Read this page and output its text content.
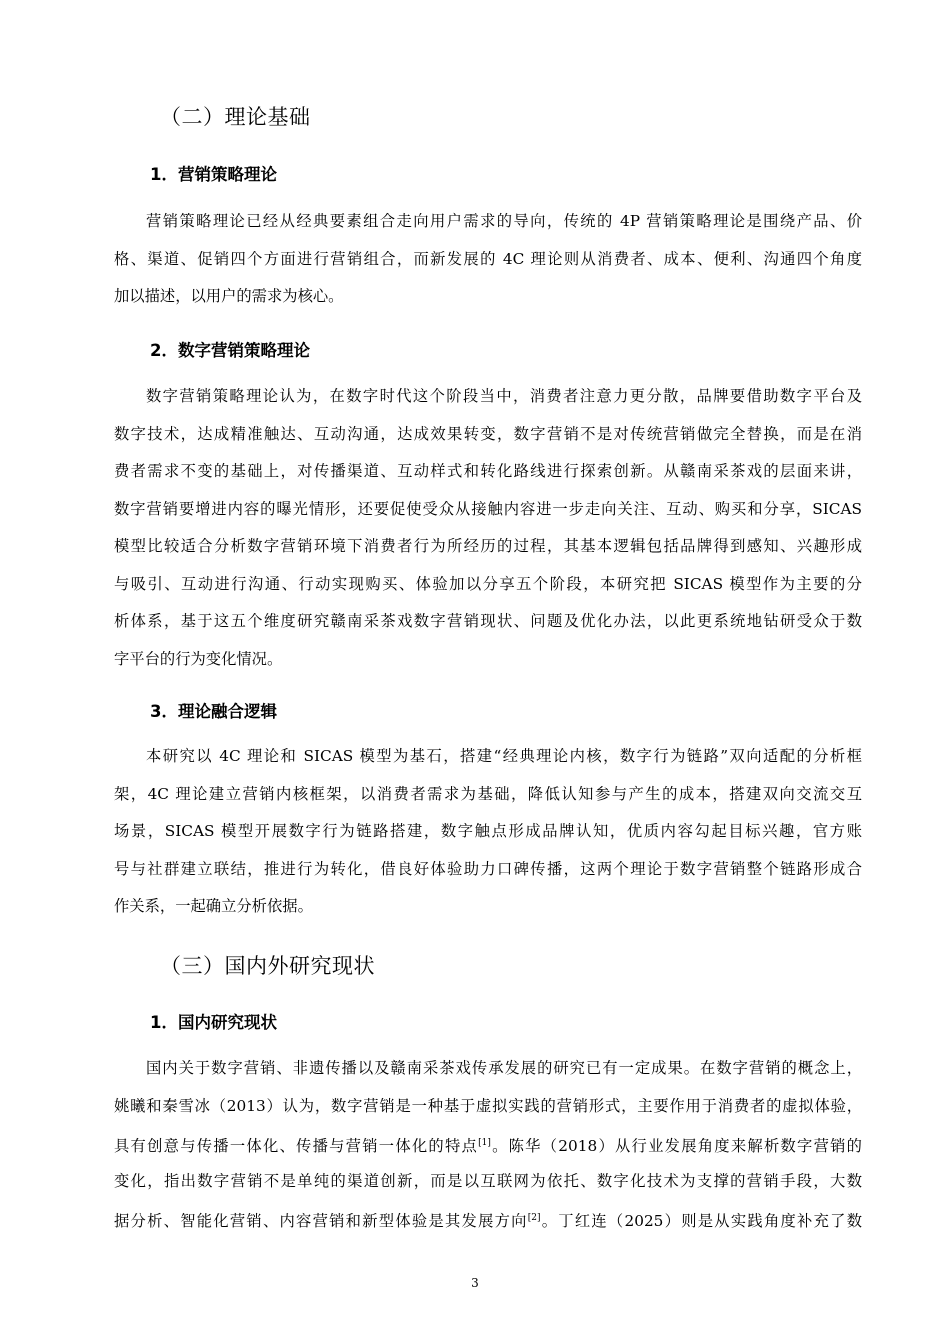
（二）理论基础
1．营销策略理论
营销策略理论已经从经典要素组合走向用户需求的导向，传统的 4P 营销策略理论是围绕产品、价
格、渠道、促销四个方面进行营销组合，而新发展的 4C 理论则从消费者、成本、便利、沟通四个角度
加以描述，以用户的需求为核心。
2．数字营销策略理论
数字营销策略理论认为，在数字时代这个阶段当中，消费者注意力更分散，品牌要借助数字平台及
数字技术，达成精准触达、互动沟通，达成效果转变，数字营销不是对传统营销做完全替换，而是在消
费者需求不变的基础上，对传播渠道、互动样式和转化路线进行探索创新。从赣南采茶戏的层面来讲，
数字营销要增进内容的曝光情形，还要促使受众从接触内容进一步走向关注、互动、购买和分享，SICAS
模型比较适合分析数字营销环境下消费者行为所经历的过程，其基本逻辑包括品牌得到感知、兴趣形成
与吸引、互动进行沟通、行动实现购买、体验加以分享五个阶段，本研究把 SICAS 模型作为主要的分
析体系，基于这五个维度研究赣南采茶戏数字营销现状、问题及优化办法，以此更系统地钻研受众于数
字平台的行为变化情况。
3．理论融合逻辑
本研究以 4C 理论和 SICAS 模型为基石，搭建“经典理论内核，数字行为链路”双向适配的分析框
架，4C 理论建立营销内核框架，以消费者需求为基础，降低认知参与产生的成本，搭建双向交流交互
场景，SICAS 模型开展数字行为链路搭建，数字触点形成品牌认知，优质内容勾起目标兴趣，官方账
号与社群建立联结，推进行为转化，借良好体验助力口碑传播，这两个理论于数字营销整个链路形成合
作关系，一起确立分析依据。
（三）国内外研究现状
1．国内研究现状
国内关于数字营销、非遗传播以及赣南采茶戏传承发展的研究已有一定成果。在数字营销的概念上，
姚曦和秦雪冰（2013）认为，数字营销是一种基于虚拟实践的营销形式，主要作用于消费者的虚拟体验，
具有创意与传播一体化、传播与营销一体化的特点[1]。陈华（2018）从行业发展角度来解析数字营销的
变化，指出数字营销不是单纯的渠道创新，而是以互联网为依托、数字化技术为支撑的营销手段，大数
据分析、智能化营销、内容营销和新型体验是其发展方向[2]。丁红连（2025）则是从实践角度补充了数
3
